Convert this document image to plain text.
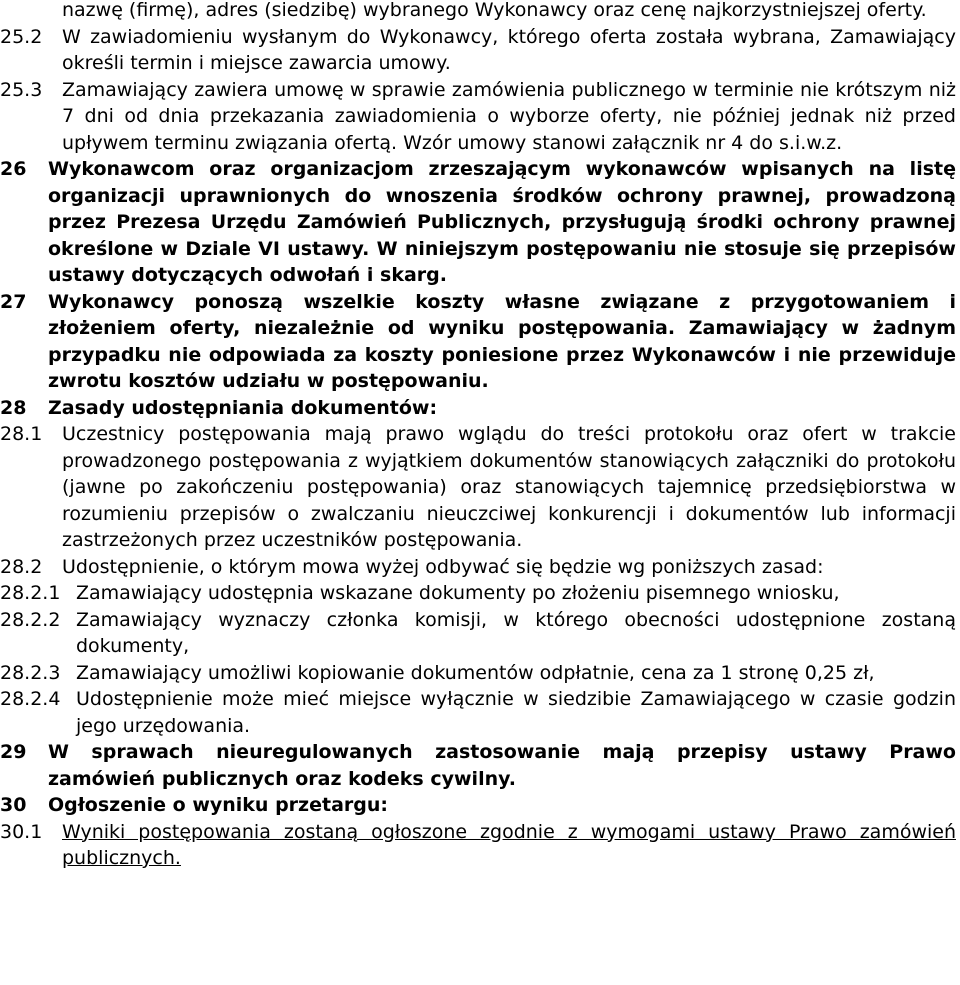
nazwę (firmę), adres (siedzibę) wybranego Wykonawcy oraz cenę najkorzystniejszej oferty.
25.2	W zawiadomieniu wysłanym do Wykonawcy, którego oferta została wybrana, Zamawiający określi termin i miejsce zawarcia umowy.
25.3	Zamawiający zawiera umowę w sprawie zamówienia publicznego w terminie nie krótszym niż 7 dni od dnia przekazania zawiadomienia o wyborze oferty, nie później jednak niż przed upływem terminu związania ofertą. Wzór umowy stanowi załącznik nr 4 do s.i.w.z.
26	Wykonawcom oraz organizacjom zrzeszającym wykonawców wpisanych na listę organizacji uprawnionych do wnoszenia środków ochrony prawnej, prowadzoną przez Prezesa Urzędu Zamówień Publicznych, przysługują środki ochrony prawnej określone w Dziale VI ustawy. W niniejszym postępowaniu nie stosuje się przepisów ustawy dotyczących odwołań i skarg.
27	Wykonawcy ponoszą wszelkie koszty własne związane z przygotowaniem i złożeniem oferty, niezależnie od wyniku postępowania. Zamawiający w żadnym przypadku nie odpowiada za koszty poniesione przez Wykonawców i nie przewiduje zwrotu kosztów udziału w postępowaniu.
28	Zasady udostępniania dokumentów:
28.1	Uczestnicy postępowania mają prawo wglądu do treści protokołu oraz ofert w trakcie prowadzonego postępowania z wyjątkiem dokumentów stanowiących załączniki do protokołu (jawne po zakończeniu postępowania) oraz stanowiących tajemnicę przedsiębiorstwa w rozumieniu przepisów o zwalczaniu nieuczciwej konkurencji i dokumentów lub informacji zastrzeżonych przez uczestników postępowania.
28.2	Udostępnienie, o którym mowa wyżej odbywać się będzie wg poniższych zasad:
28.2.1 Zamawiający udostępnia wskazane dokumenty po złożeniu pisemnego wniosku,
28.2.2 Zamawiający wyznaczy członka komisji, w którego obecności udostępnione zostaną dokumenty,
28.2.3 Zamawiający umożliwi kopiowanie dokumentów odpłatnie, cena za 1 stronę 0,25 zł,
28.2.4 Udostępnienie może mieć miejsce wyłącznie w siedzibie Zamawiającego w czasie godzin jego urzędowania.
29	W sprawach nieuregulowanych zastosowanie mają przepisy ustawy Prawo zamówień publicznych oraz kodeks cywilny.
30	Ogłoszenie o wyniku przetargu:
30.1	Wyniki postępowania zostaną ogłoszone zgodnie z wymogami ustawy Prawo zamówień publicznych.
